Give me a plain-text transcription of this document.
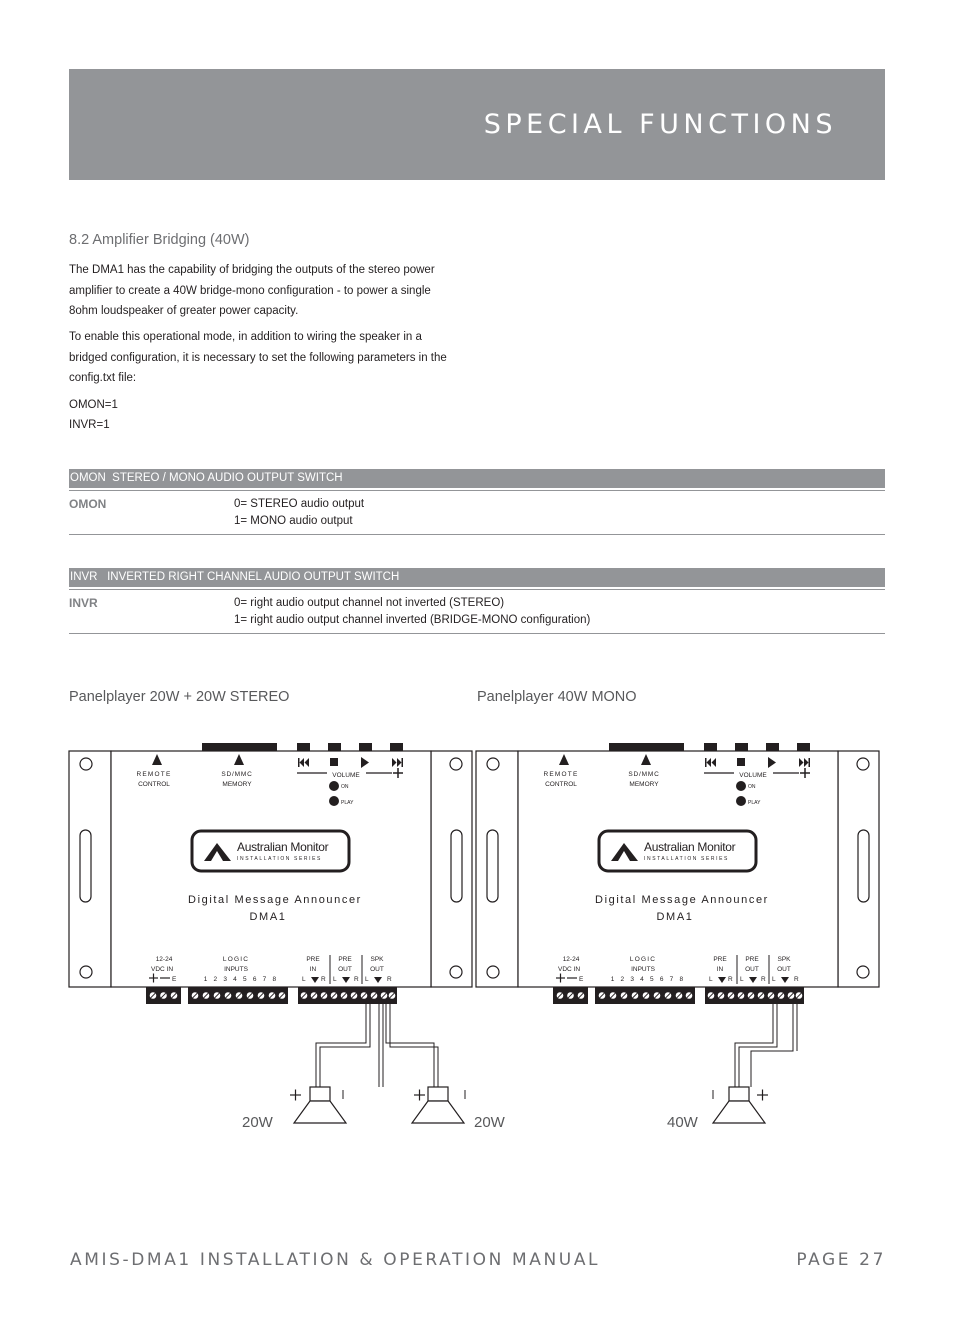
SPECIAL FUNCTIONS
8.2 Amplifier Bridging (40W)
The DMA1 has the capability of bridging the outputs of the stereo power amplifier to create a 40W bridge-mono configuration - to power a single 8ohm loudspeaker of greater power capacity.
To enable this operational mode, in addition to wiring the speaker in a bridged configuration, it is necessary to set the following parameters in the config.txt file:
OMON=1
INVR=1
OMON STEREO / MONO AUDIO OUTPUT SWITCH
OMON	0= STEREO audio output
1= MONO audio output
INVR INVERTED RIGHT CHANNEL AUDIO OUTPUT SWITCH
INVR	0= right audio output channel not inverted (STEREO)
1= right audio output channel inverted (BRIDGE-MONO configuration)
Panelplayer 20W + 20W STEREO	Panelplayer 40W MONO
REMOTE
CONTROL
SD/MMC
MEMORY
VOLUME
ON
PLAY
Australian Monitor
INSTALLATION SERIES
Digital Message Announcer
DMA1
12-24
VDC IN
E
LOGIC
INPUTS
1 2 3 4 5 6 7 8
PRE
IN
PRE
OUT
SPK
OUT
L R L	R L	R
REMOTE
CONTROL
SD/MMC
MEMORY
VOLUME
ON
PLAY
Australian Monitor
INSTALLATION SERIES
Digital Message Announcer
DMA1
12-24
VDC IN
E
LOGIC
INPUTS
1 2 3 4 5 6 7 8
PRE
IN
PRE
OUT
SPK
OUT
L R L	R L	R
20W	20W	40W
AMIS-DMA1 INSTALLATION & OPERATION MANUAL	PAGE 27
